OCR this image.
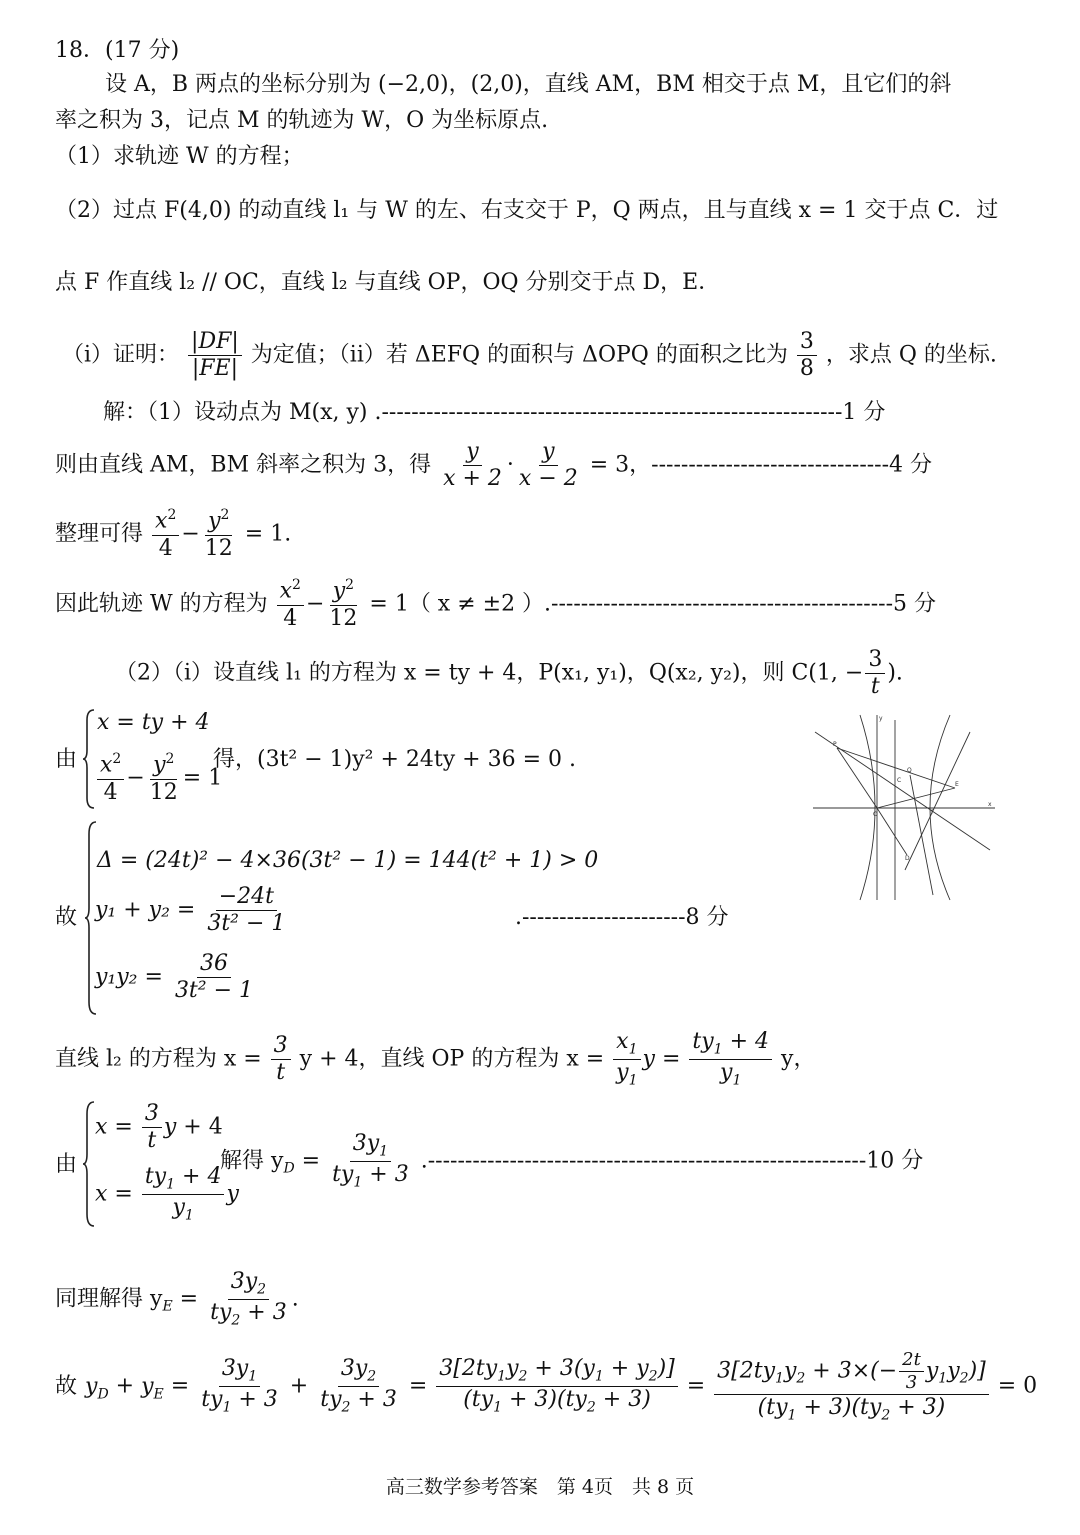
18．(17 分)
设 A，B 两点的坐标分别为 (−2,0)，(2,0)，直线 AM，BM 相交于点 M，且它们的斜
率之积为 3，记点 M 的轨迹为 W，O 为坐标原点.
（1）求轨迹 W 的方程；
（2）过点 F(4,0) 的动直线 l₁ 与 W 的左、右支交于 P，Q 两点，且与直线 x = 1 交于点 C．过
点 F 作直线 l₂ // OC，直线 l₂ 与直线 OP，OQ 分别交于点 D，E．
（i）证明： $\frac{|DF|}{|FE|}$ 为定值；（ii）若 ΔEFQ 的面积与 ΔOPQ 的面积之比为 $\frac{3}{8}$ ，求点 Q 的坐标.
解：（1）设动点为 M(x, y) .--------------------------------------------------------------1 分
则由直线 AM，BM 斜率之积为 3，得 $\frac{y}{x + 2} \cdot \frac{y}{x - 2} = 3$，--------------------------------4 分
整理可得 $\frac{x^2}{4} - \frac{y^2}{12} = 1$.
因此轨迹 W 的方程为 $\frac{x^2}{4} - \frac{y^2}{12} = 1$（ x ≠ ±2 ）.----------------------------------------------5 分
（2）（i）设直线 l₁ 的方程为 x = ty + 4，P(x₁, y₁)，Q(x₂, y₂)，则 C(1, − $\frac{3}{t}$ ).
由
x = ty + 4
$\frac{x^2}{4} - \frac{y^2}{12} = 1$
得，(3t² − 1)y² + 24ty + 36 = 0 .
P
O
C
Q
E
F
D
x
y
故
Δ = (24t)² − 4×36(3t² − 1) = 144(t² + 1) > 0
$y_1 + y_2 = \frac{-24t}{\text{3t² − 1}}$
$y_1y_2 = \frac{36}{\text{3t² − 1}}$
.----------------------8 分
直线 l₂ 的方程为 $x = \frac{3}{t}$ y + 4，直线 OP 的方程为 $x = \frac{x_1}{y_1}$ $y = \frac{ty_1 + 4}{y_1}$ y，
由
$x = \frac{3}{t}$ y + 4
$x = \frac{ty_1 + 4}{y_1}$ y
解得 $y_D = \frac{3y_1}{ty_1 + 3} .-----------------------------------------------------------10$ 分
同理解得 $y_E = \frac{3y_2}{ty_2 + 3}$ .
故 $y_D + y_E = \frac{3y_1}{ty_1 + 3} + \frac{3y_2}{ty_2 + 3} = \frac{3[2ty_1y_2 + 3(y_1 + y_2)]}{(ty_1 + 3)(ty_2 + 3)} = \frac{3[2ty_1y_2 + 3\times(- \frac{2t}{3} y_1y_2)]}{(ty_1 + 3)(ty_2 + 3)} = 0$
高三数学参考答案　第 4页　共 8 页
